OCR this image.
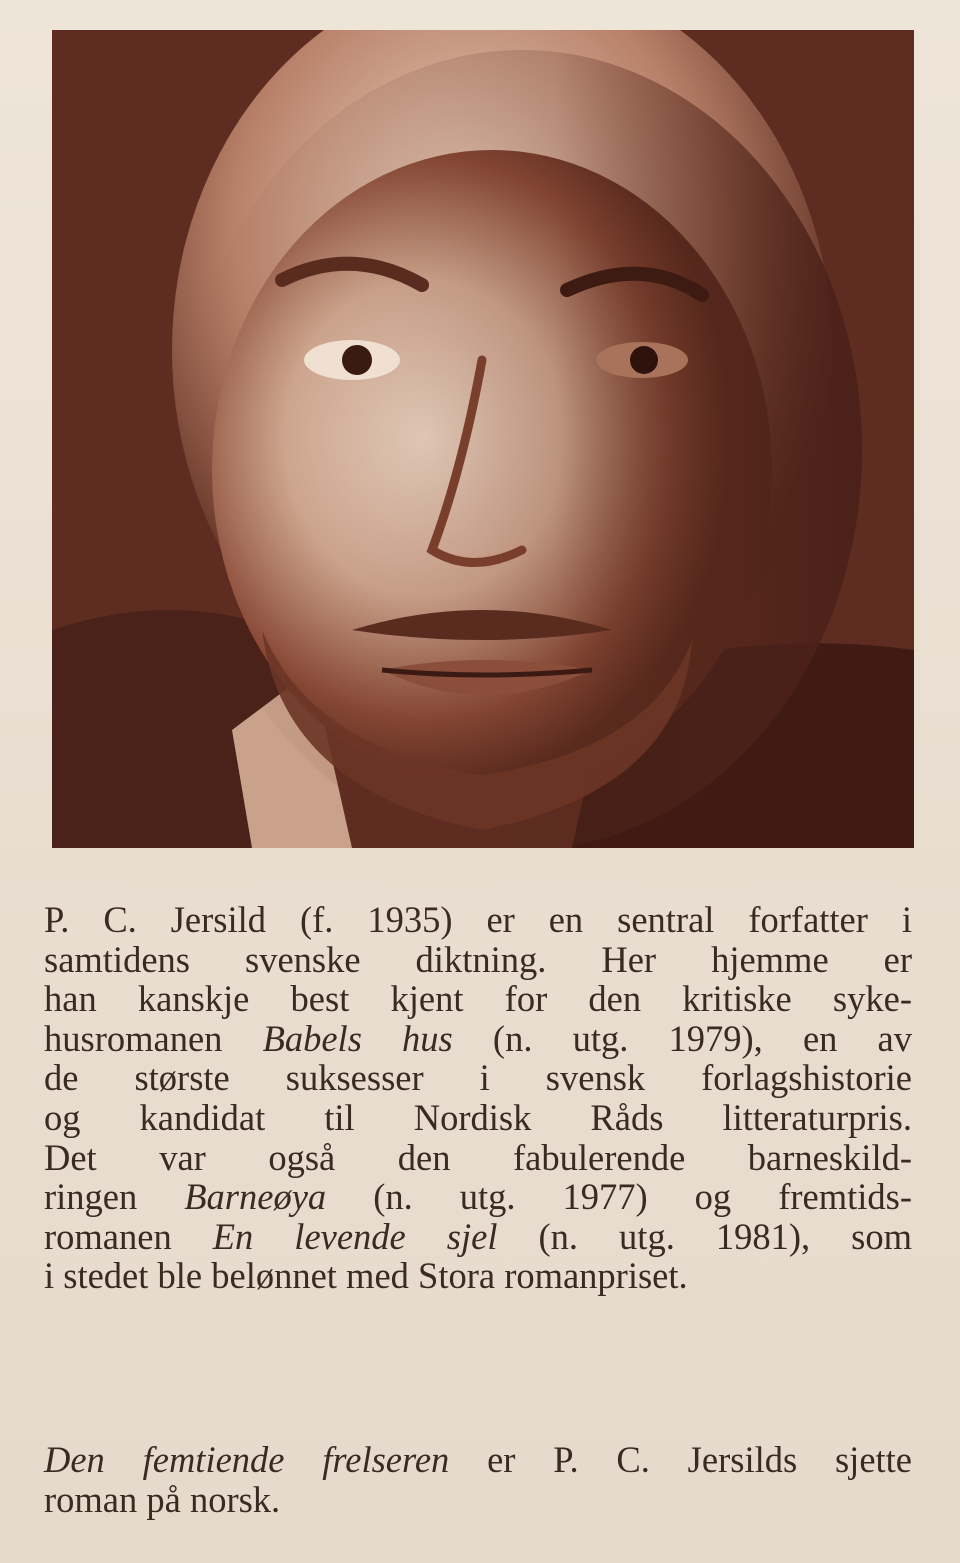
P. C. Jersild (f. 1935) er en sentral forfatter i
samtidens svenske diktning. Her hjemme er
han kanskje best kjent for den kritiske syke-
husromanen Babels hus (n. utg. 1979), en av
de største suksesser i svensk forlagshistorie
og kandidat til Nordisk Råds litteraturpris.
Det var også den fabulerende barneskild-
ringen Barneøya (n. utg. 1977) og fremtids-
romanen En levende sjel (n. utg. 1981), som
i stedet ble belønnet med Stora romanpriset.

Den femtiende frelseren er P. C. Jersilds sjette
roman på norsk.
